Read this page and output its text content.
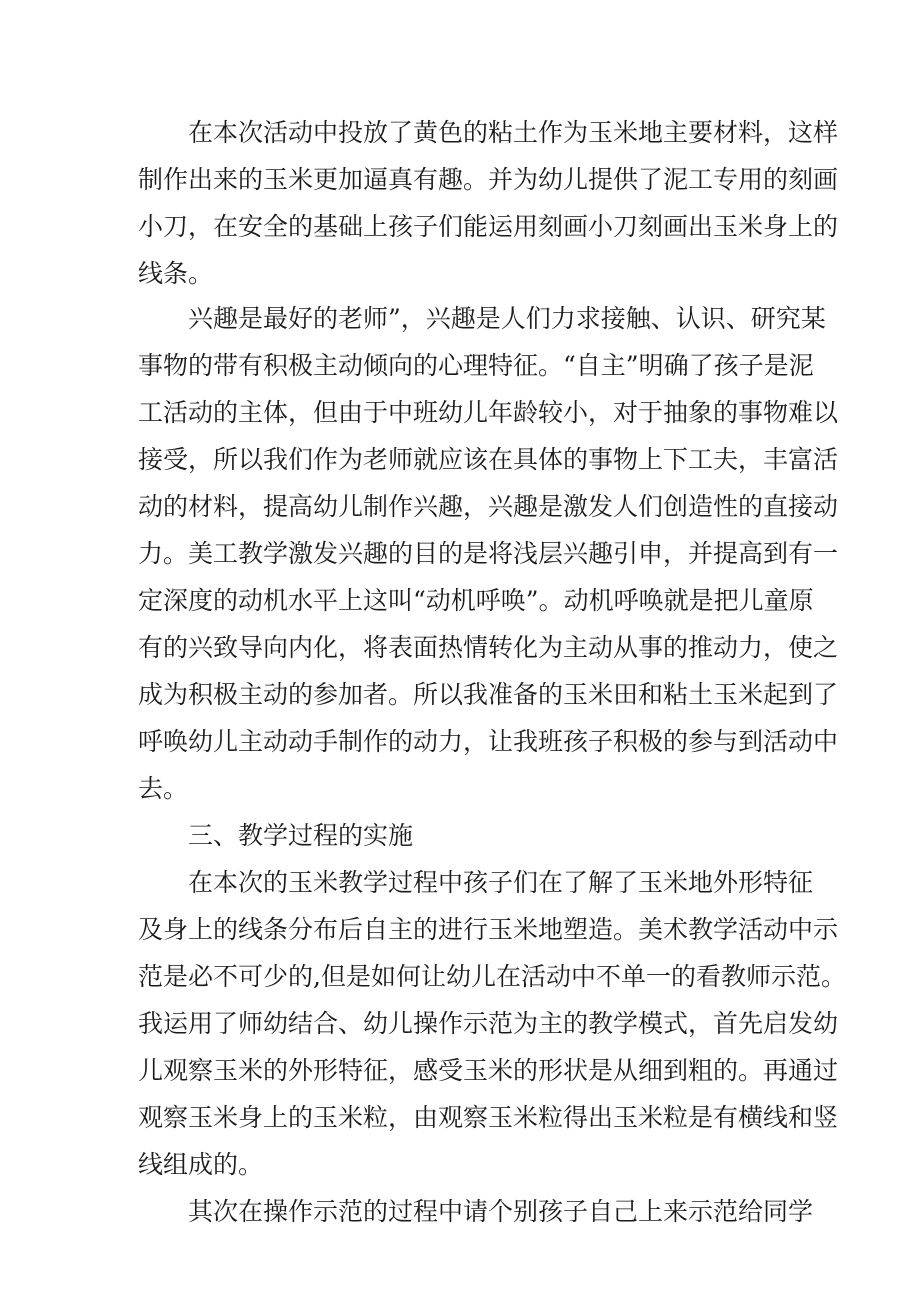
在本次活动中投放了黄色的粘土作为玉米地主要材料，这样

制作出来的玉米更加逼真有趣。并为幼儿提供了泥工专用的刻画

小刀，在安全的基础上孩子们能运用刻画小刀刻画出玉米身上的

线条。

兴趣是最好的老师”，兴趣是人们力求接触、认识、研究某

事物的带有积极主动倾向的心理特征。“自主”明确了孩子是泥

工活动的主体，但由于中班幼儿年龄较小，对于抽象的事物难以

接受，所以我们作为老师就应该在具体的事物上下工夫，丰富活

动的材料，提高幼儿制作兴趣，兴趣是激发人们创造性的直接动

力。美工教学激发兴趣的目的是将浅层兴趣引申，并提高到有一

定深度的动机水平上这叫“动机呼唤”。动机呼唤就是把儿童原

有的兴致导向内化，将表面热情转化为主动从事的推动力，使之

成为积极主动的参加者。所以我准备的玉米田和粘土玉米起到了

呼唤幼儿主动动手制作的动力，让我班孩子积极的参与到活动中

去。

三、教学过程的实施

在本次的玉米教学过程中孩子们在了解了玉米地外形特征

及身上的线条分布后自主的进行玉米地塑造。美术教学活动中示

范是必不可少的,但是如何让幼儿在活动中不单一的看教师示范。

我运用了师幼结合、幼儿操作示范为主的教学模式，首先启发幼

儿观察玉米的外形特征，感受玉米的形状是从细到粗的。再通过

观察玉米身上的玉米粒，由观察玉米粒得出玉米粒是有横线和竖

线组成的。

其次在操作示范的过程中请个别孩子自己上来示范给同学
